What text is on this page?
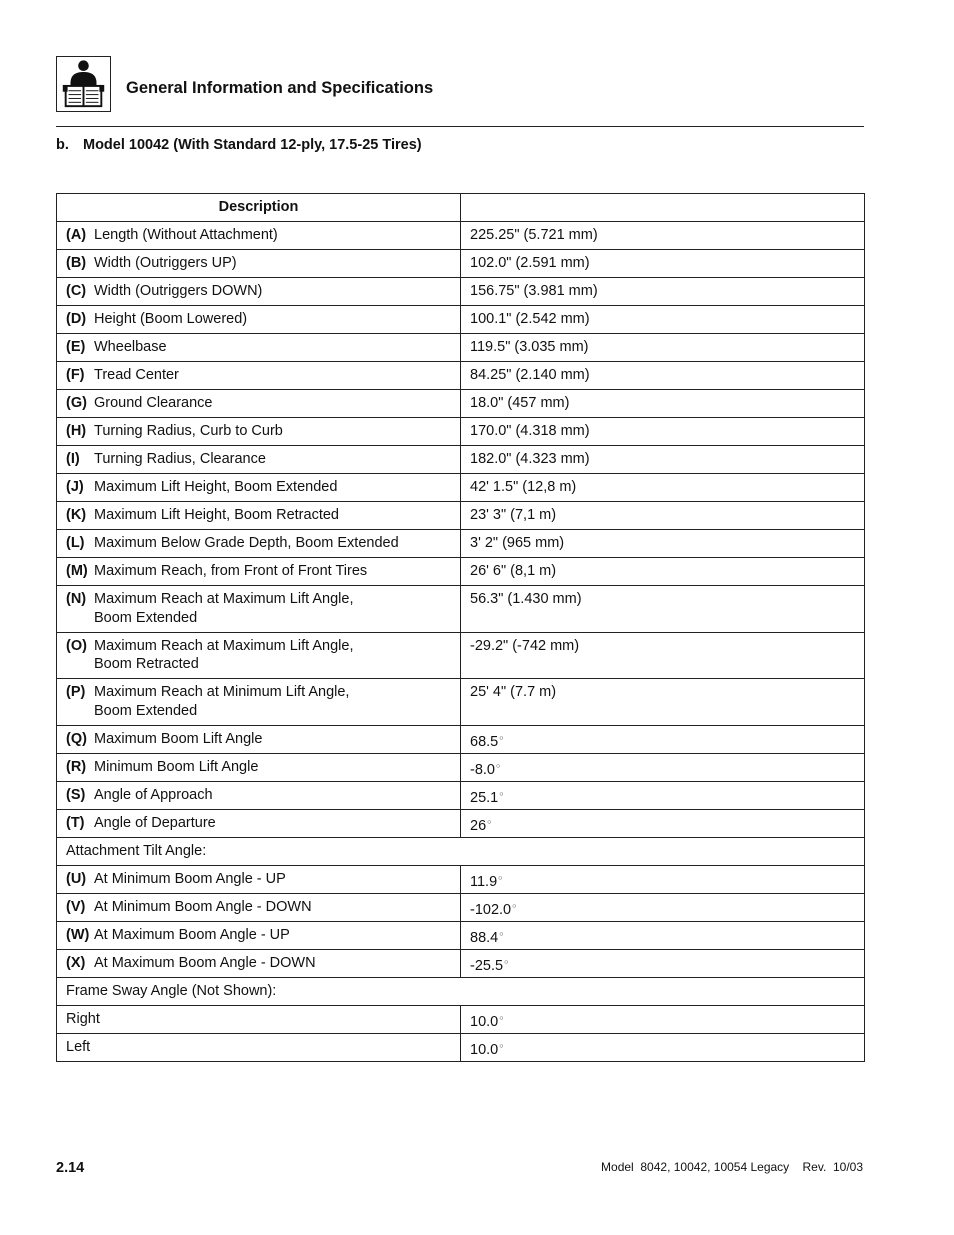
General Information and Specifications
b. Model 10042 (With Standard 12-ply, 17.5-25 Tires)
Description	
(A) Length (Without Attachment)	225.25" (5.721 mm)
(B) Width (Outriggers UP)	102.0" (2.591 mm)
(C) Width (Outriggers DOWN)	156.75" (3.981 mm)
(D) Height (Boom Lowered)	100.1" (2.542 mm)
(E) Wheelbase	119.5" (3.035 mm)
(F) Tread Center	84.25" (2.140 mm)
(G) Ground Clearance	18.0" (457 mm)
(H) Turning Radius, Curb to Curb	170.0" (4.318 mm)
(I) Turning Radius, Clearance	182.0" (4.323 mm)
(J) Maximum Lift Height, Boom Extended	42' 1.5" (12,8 m)
(K) Maximum Lift Height, Boom Retracted	23' 3" (7,1 m)
(L) Maximum Below Grade Depth, Boom Extended	3' 2" (965 mm)
(M) Maximum Reach, from Front of Front Tires	26' 6" (8,1 m)
(N) Maximum Reach at Maximum Lift Angle,
Boom Extended	56.3" (1.430 mm)
(O) Maximum Reach at Maximum Lift Angle,
Boom Retracted	-29.2" (-742 mm)
(P) Maximum Reach at Minimum Lift Angle,
Boom Extended	25' 4" (7.7 m)
(Q) Maximum Boom Lift Angle	68.5○
(R) Minimum Boom Lift Angle	-8.0○
(S) Angle of Approach	25.1○
(T) Angle of Departure	26○
Attachment Tilt Angle:	
(U) At Minimum Boom Angle - UP	11.9○
(V) At Minimum Boom Angle - DOWN	-102.0○
(W) At Maximum Boom Angle - UP	88.4○
(X) At Maximum Boom Angle - DOWN	-25.5○
Frame Sway Angle (Not Shown):	
Right	10.0○
Left	10.0○
2.14	Model  8042, 10042, 10054 Legacy    Rev.  10/03
